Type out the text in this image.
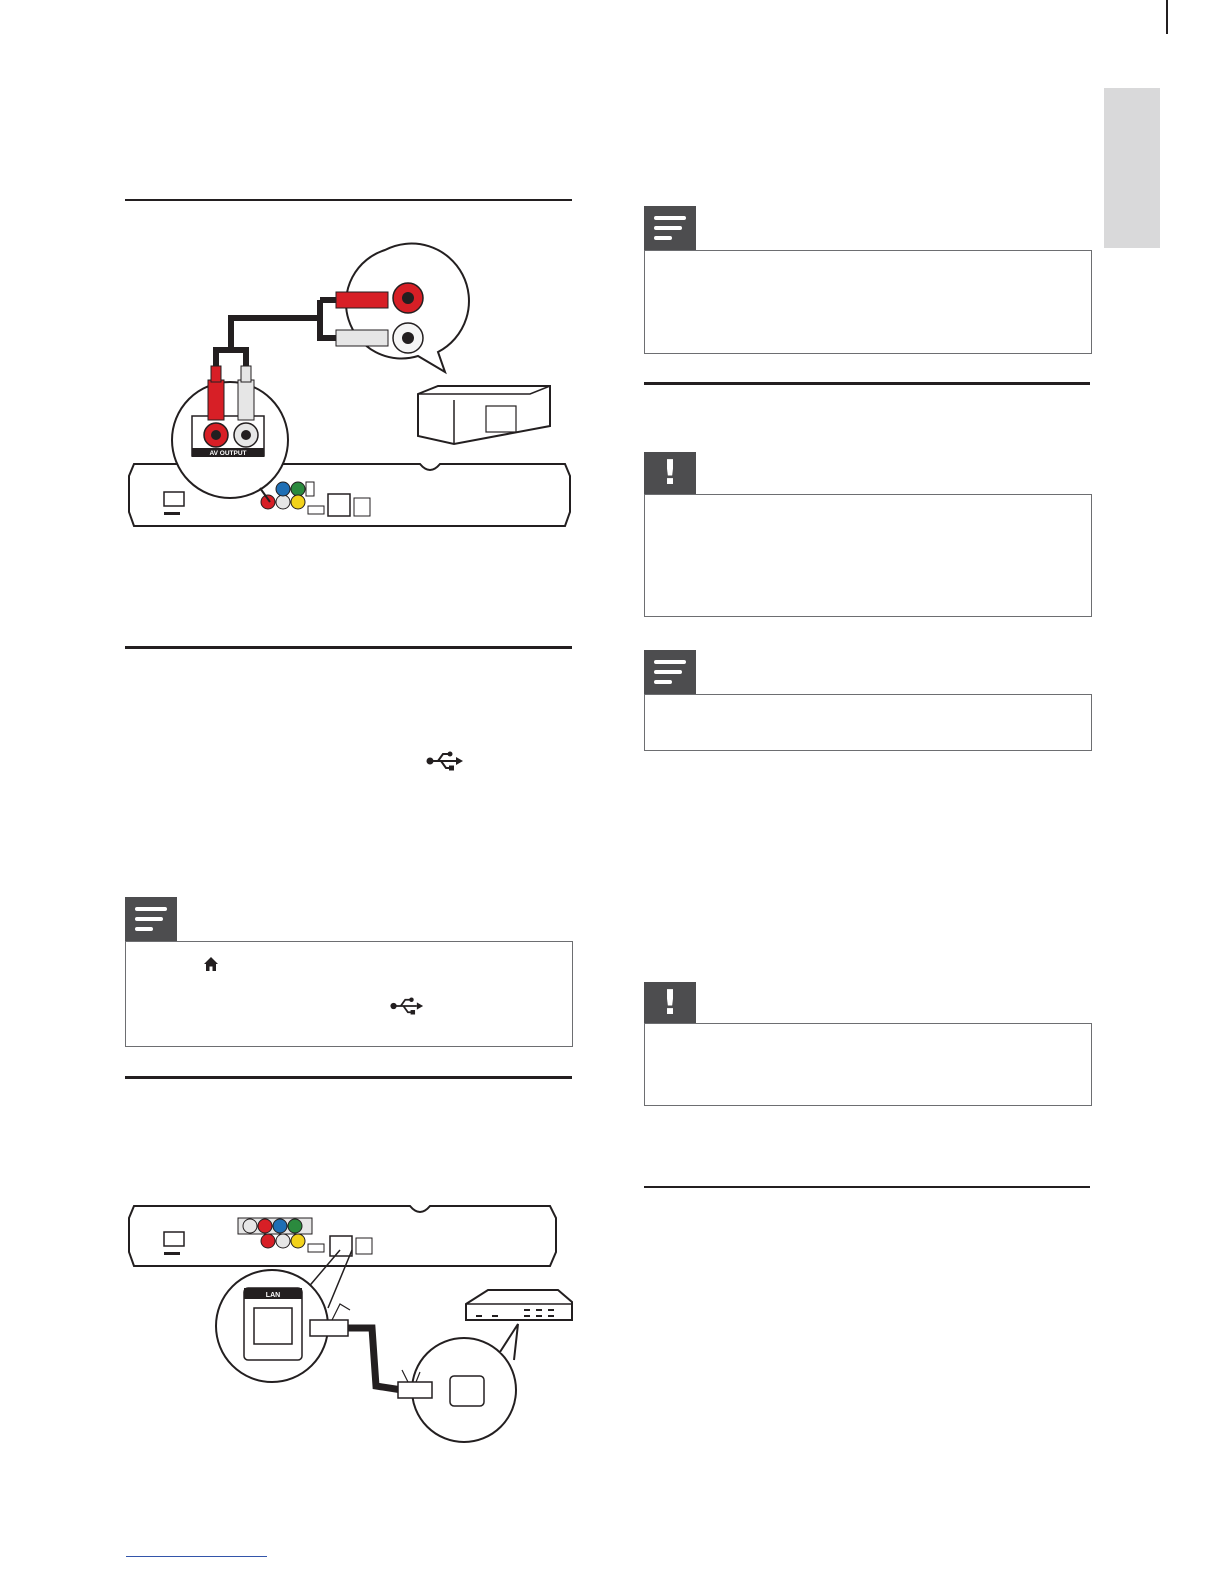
AV OUTPUT
LAN
!
!
